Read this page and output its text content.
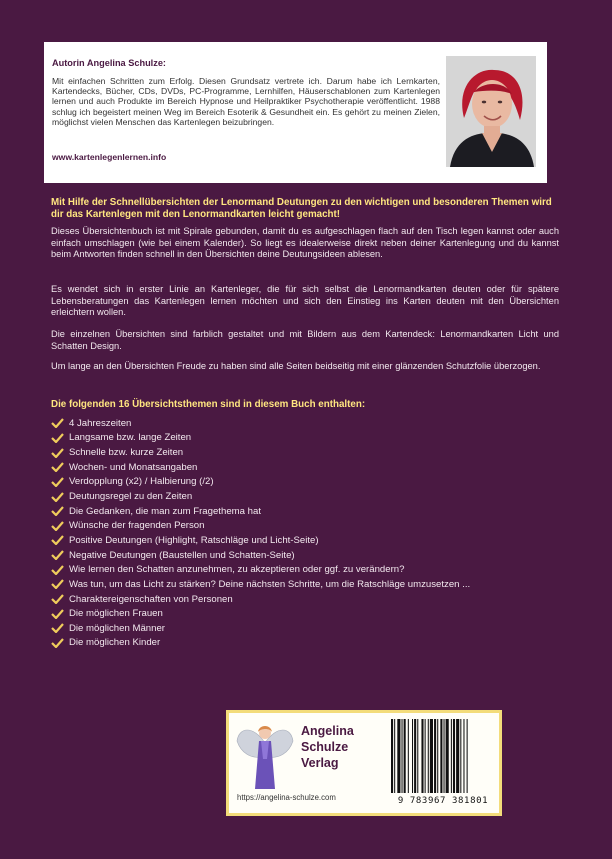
Autorin Angelina Schulze:

Mit einfachen Schritten zum Erfolg. Diesen Grundsatz vertrete ich. Darum habe ich Lernkarten, Kartendecks, Bücher, CDs, DVDs, PC-Programme, Lernhilfen, Häuserschablonen zum Kartenlegen lernen und auch Produkte im Bereich Hypnose und Heilpraktiker Psychotherapie veröffentlicht. 1988 schlug ich begeistert meinen Weg im Bereich Esoterik & Gesundheit ein. Es gehört zu meinen Zielen, möglichst vielen Menschen das Kartenlegen beizubringen.

www.kartenlegenlernen.info

Mit Hilfe der Schnellübersichten der Lenormand Deutungen zu den wichtigen und besonderen Themen wird dir das Kartenlegen mit den Lenormandkarten leicht gemacht!

Dieses Übersichtenbuch ist mit Spirale gebunden, damit du es aufgeschlagen flach auf den Tisch legen kannst oder auch einfach umschlagen (wie bei einem Kalender). So liegt es idealerweise direkt neben deiner Kartenlegung und du kannst beim Antworten finden schnell in den Übersichten deine Deutungsideen ablesen.

Es wendet sich in erster Linie an Kartenleger, die für sich selbst die Lenormandkarten deuten oder für spätere Lebensberatungen das Kartenlegen lernen möchten und sich den Einstieg ins Karten deuten mit den Übersichten erleichtern wollen.

Die einzelnen Übersichten sind farblich gestaltet und mit Bildern aus dem Kartendeck: Lenormandkarten Licht und Schatten Design.

Um lange an den Übersichten Freude zu haben sind alle Seiten beidseitig mit einer glänzenden Schutzfolie überzogen.

Die folgenden 16 Übersichtsthemen sind in diesem Buch enthalten:

4 Jahreszeiten
Langsame bzw. lange Zeiten
Schnelle bzw. kurze Zeiten
Wochen- und Monatsangaben
Verdopplung (x2) / Halbierung (/2)
Deutungsregel zu den Zeiten
Die Gedanken, die man zum Fragethema hat
Wünsche der fragenden Person
Positive Deutungen (Highlight, Ratschläge und Licht-Seite)
Negative Deutungen (Baustellen und Schatten-Seite)
Wie lernen den Schatten anzunehmen, zu akzeptieren oder ggf. zu verändern?
Was tun, um das Licht zu stärken? Deine nächsten Schritte, um die Ratschläge umzusetzen ...
Charaktereigenschaften von Personen
Die möglichen Frauen
Die möglichen Männer
Die möglichen Kinder

Angelina
Schulze
Verlag

https://angelina-schulze.com	9 783967 381801
